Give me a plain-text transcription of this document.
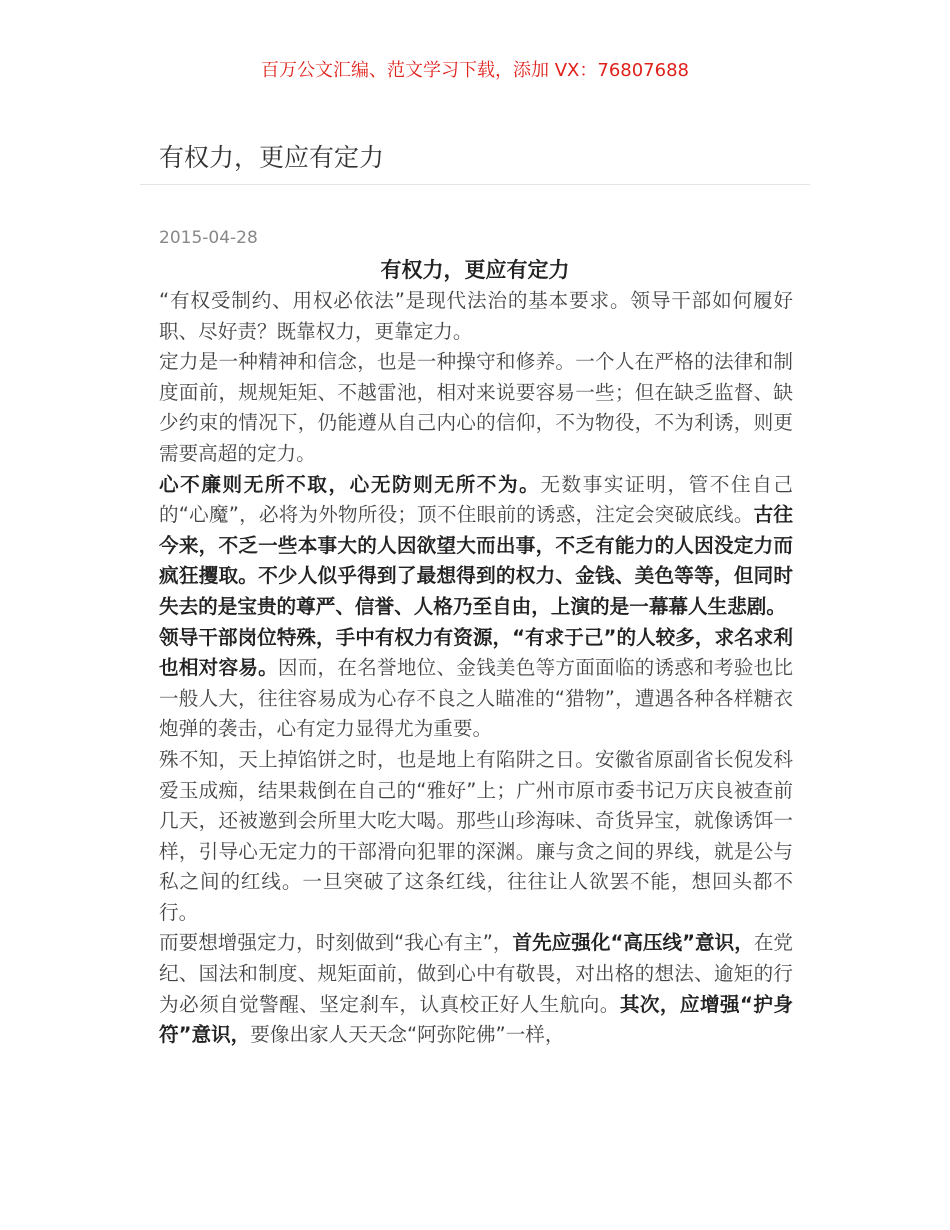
百万公文汇编、范文学习下载，添加 VX：76807688
有权力，更应有定力
2015-04-28
有权力，更应有定力

“有权受制约、用权必依法”是现代法治的基本要求。领导干部如何履好职、尽好责？既靠权力，更靠定力。

定力是一种精神和信念，也是一种操守和修养。一个人在严格的法律和制度面前，规规矩矩、不越雷池，相对来说要容易一些；但在缺乏监督、缺少约束的情况下，仍能遵从自己内心的信仰，不为物役，不为利诱，则更需要高超的定力。

心不廉则无所不取，心无防则无所不为。无数事实证明，管不住自己的“心魔”，必将为外物所役；顶不住眼前的诱惑，注定会突破底线。古往今来，不乏一些本事大的人因欲望大而出事，不乏有能力的人因没定力而疯狂攫取。不少人似乎得到了最想得到的权力、金钱、美色等等，但同时失去的是宝贵的尊严、信誉、人格乃至自由，上演的是一幕幕人生悲剧。

领导干部岗位特殊，手中有权力有资源，“有求于己”的人较多，求名求利也相对容易。因而，在名誉地位、金钱美色等方面面临的诱惑和考验也比一般人大，往往容易成为心存不良之人瞄准的“猎物”，遭遇各种各样糖衣炮弹的袭击，心有定力显得尤为重要。

殊不知，天上掉馅饼之时，也是地上有陷阱之日。安徽省原副省长倪发科爱玉成痴，结果栽倒在自己的“雅好”上；广州市原市委书记万庆良被查前几天，还被邀到会所里大吃大喝。那些山珍海味、奇货异宝，就像诱饵一样，引导心无定力的干部滑向犯罪的深渊。廉与贪之间的界线，就是公与私之间的红线。一旦突破了这条红线，往往让人欲罢不能，想回头都不行。

而要想增强定力，时刻做到“我心有主”，首先应强化“高压线”意识，在党纪、国法和制度、规矩面前，做到心中有敬畏，对出格的想法、逾矩的行为必须自觉警醒、坚定刹车，认真校正好人生航向。其次，应增强“护身符”意识，要像出家人天天念“阿弥陀佛”一样，
